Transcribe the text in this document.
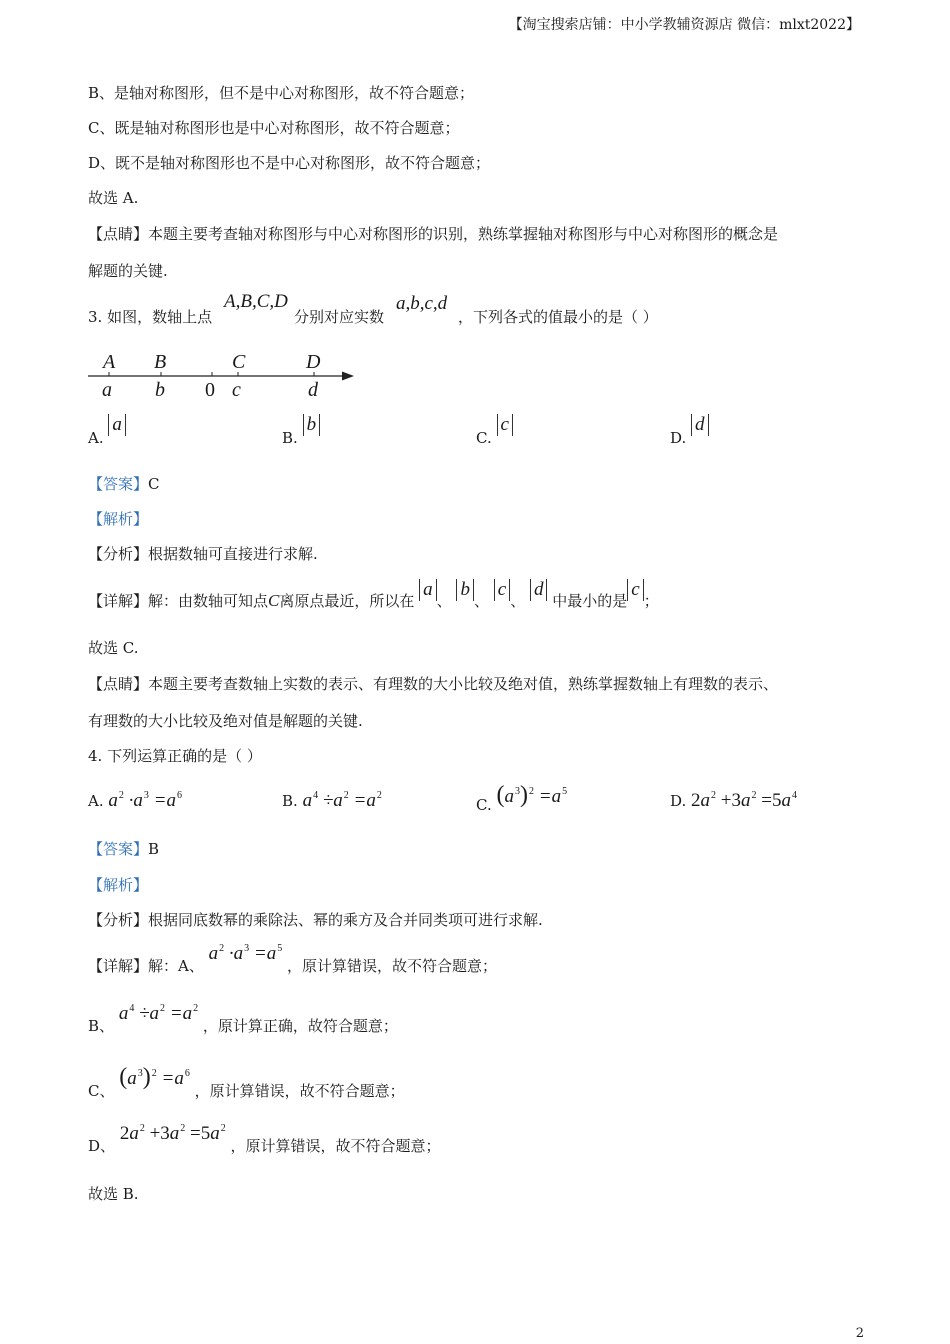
【淘宝搜索店铺：中小学教辅资源店 微信：mlxt2022】
B、是轴对称图形，但不是中心对称图形，故不符合题意；
C、既是轴对称图形也是中心对称图形，故不符合题意；
D、既不是轴对称图形也不是中心对称图形，故不符合题意；
故选 A.
【点睛】本题主要考查轴对称图形与中心对称图形的识别，熟练掌握轴对称图形与中心对称图形的概念是
解题的关键.
3. 如图，数轴上点
A,B,C,D
分别对应实数
a,b,c,d
，下列各式的值最小的是（ ）
A B	C	D
a b 0 c	d
A. a
B. b
C. c
D. d
【答案】C
【解析】
【分析】根据数轴可直接进行求解.
【详解】解：由数轴可知点C离原点最近，所以在 a、 b、 c、 d 中最小的是c；
故选 C.
【点睛】本题主要考查数轴上实数的表示、有理数的大小比较及绝对值，熟练掌握数轴上有理数的表示、
有理数的大小比较及绝对值是解题的关键.
4. 下列运算正确的是（ ）
A. $a^2 \cdot a^3 =a^6$	B. $a^4 \div a^2 =a^2$
C. $(a^3)^2 =a^5$
D. $2a^2 +3a^2 =5a^4$
【答案】B
【解析】
【分析】根据同底数幂的乘除法、幂的乘方及合并同类项可进行求解.
【详解】解：A、 $a^2 \cdot a^3 =a^5$ ，原计算错误，故不符合题意；
B、 $a^4 \div a^2 =a^2$ ，原计算正确，故符合题意；
C、 $(a^3)^2 =a^6$ ，原计算错误，故不符合题意；
D、 $2a^2 +3a^2 =5a^2$ ，原计算错误，故不符合题意；
故选 B.
2
